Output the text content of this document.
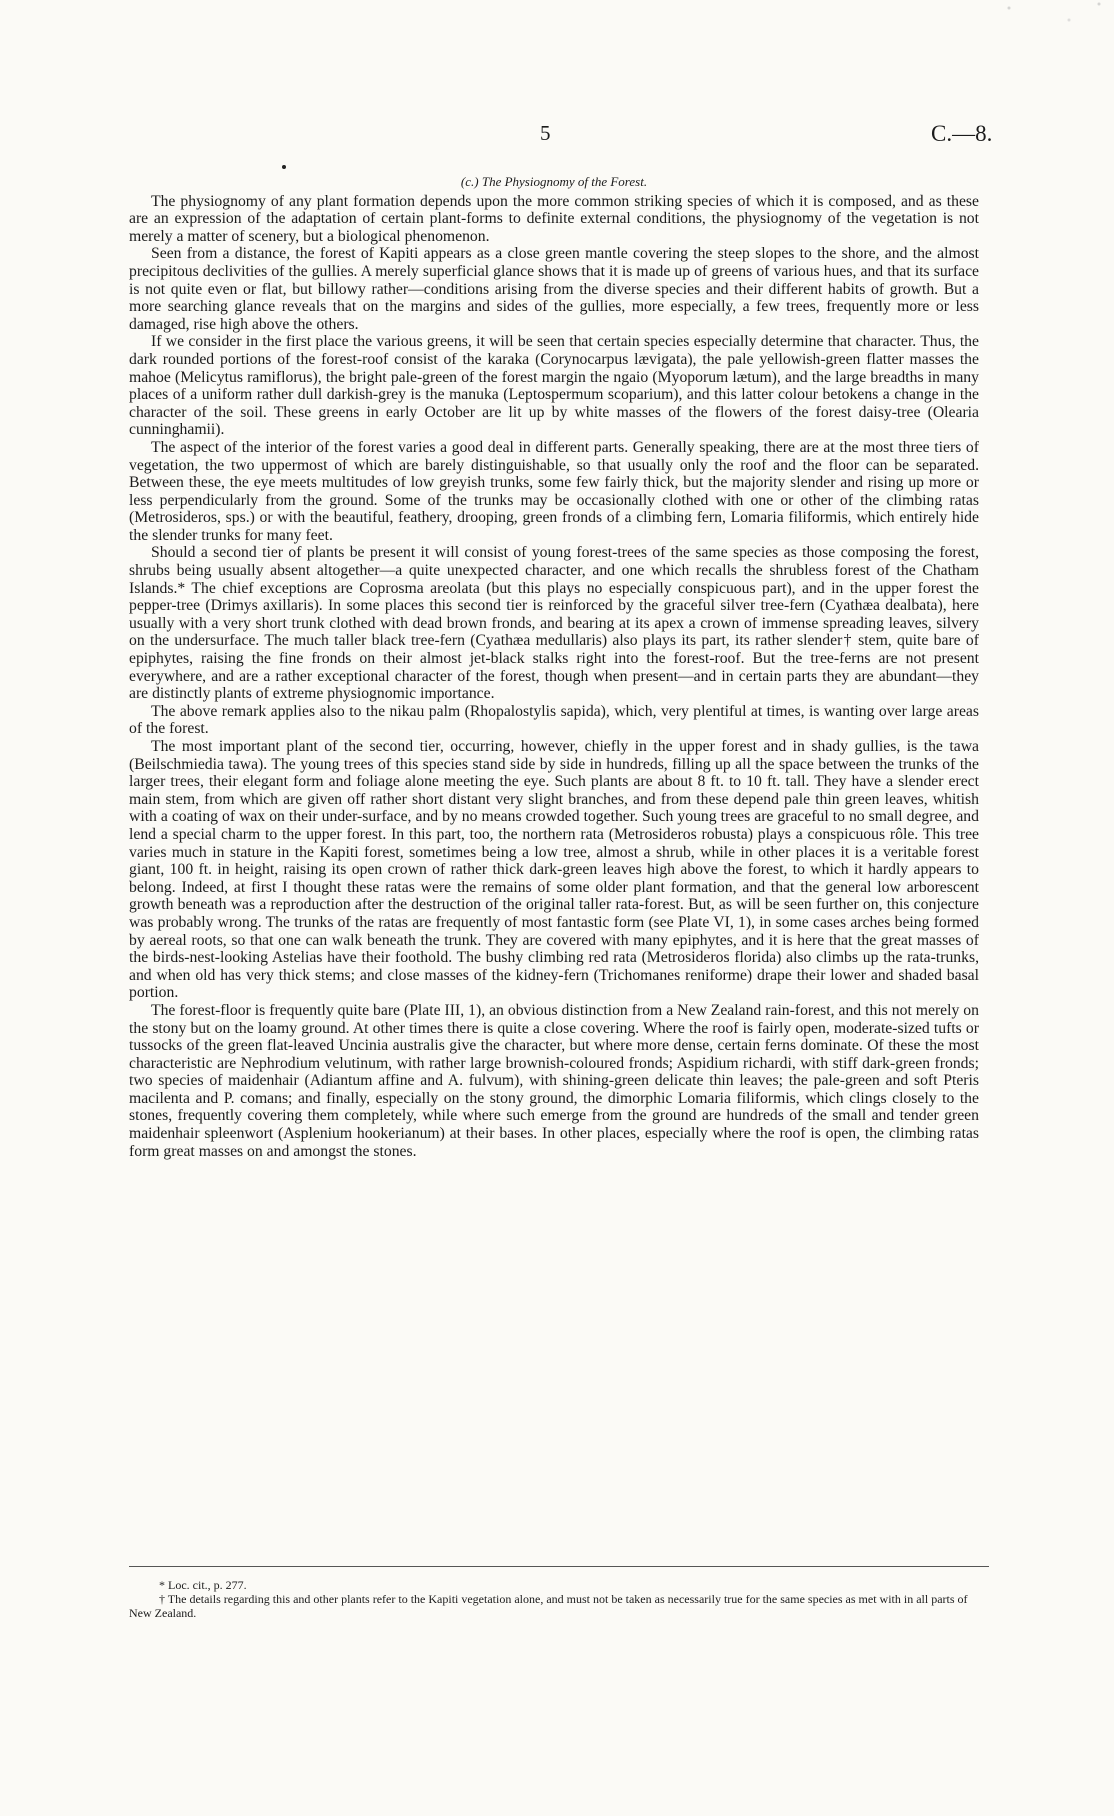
5	C.—8.
(c.) The Physiognomy of the Forest.

The physiognomy of any plant formation depends upon the more common striking species of which it is composed, and as these are an expression of the adaptation of certain plant-forms to definite external conditions, the physiognomy of the vegetation is not merely a matter of scenery, but a biological phenomenon.

Seen from a distance, the forest of Kapiti appears as a close green mantle covering the steep slopes to the shore, and the almost precipitous declivities of the gullies. A merely superficial glance shows that it is made up of greens of various hues, and that its surface is not quite even or flat, but billowy rather—conditions arising from the diverse species and their different habits of growth. But a more searching glance reveals that on the margins and sides of the gullies, more especially, a few trees, frequently more or less damaged, rise high above the others.

If we consider in the first place the various greens, it will be seen that certain species especially determine that character. Thus, the dark rounded portions of the forest-roof consist of the karaka (Corynocarpus lævigata), the pale yellowish-green flatter masses the mahoe (Melicytus ramiflorus), the bright pale-green of the forest margin the ngaio (Myoporum lætum), and the large breadths in many places of a uniform rather dull darkish-grey is the manuka (Leptospermum scoparium), and this latter colour betokens a change in the character of the soil. These greens in early October are lit up by white masses of the flowers of the forest daisy-tree (Olearia cunninghamii).

The aspect of the interior of the forest varies a good deal in different parts. Generally speaking, there are at the most three tiers of vegetation, the two uppermost of which are barely distinguishable, so that usually only the roof and the floor can be separated. Between these, the eye meets multitudes of low greyish trunks, some few fairly thick, but the majority slender and rising up more or less perpendicularly from the ground. Some of the trunks may be occasionally clothed with one or other of the climbing ratas (Metrosideros, sps.) or with the beautiful, feathery, drooping, green fronds of a climbing fern, Lomaria filiformis, which entirely hide the slender trunks for many feet.

Should a second tier of plants be present it will consist of young forest-trees of the same species as those composing the forest, shrubs being usually absent altogether—a quite unexpected character, and one which recalls the shrubless forest of the Chatham Islands.* The chief exceptions are Coprosma areolata (but this plays no especially conspicuous part), and in the upper forest the pepper-tree (Drimys axillaris). In some places this second tier is reinforced by the graceful silver tree-fern (Cyathæa dealbata), here usually with a very short trunk clothed with dead brown fronds, and bearing at its apex a crown of immense spreading leaves, silvery on the undersurface. The much taller black tree-fern (Cyathæa medullaris) also plays its part, its rather slender† stem, quite bare of epiphytes, raising the fine fronds on their almost jet-black stalks right into the forest-roof. But the tree-ferns are not present everywhere, and are a rather exceptional character of the forest, though when present—and in certain parts they are abundant—they are distinctly plants of extreme physiognomic importance.

The above remark applies also to the nikau palm (Rhopalostylis sapida), which, very plentiful at times, is wanting over large areas of the forest.

The most important plant of the second tier, occurring, however, chiefly in the upper forest and in shady gullies, is the tawa (Beilschmiedia tawa). The young trees of this species stand side by side in hundreds, filling up all the space between the trunks of the larger trees, their elegant form and foliage alone meeting the eye. Such plants are about 8 ft. to 10 ft. tall. They have a slender erect main stem, from which are given off rather short distant very slight branches, and from these depend pale thin green leaves, whitish with a coating of wax on their under-surface, and by no means crowded together. Such young trees are graceful to no small degree, and lend a special charm to the upper forest. In this part, too, the northern rata (Metrosideros robusta) plays a conspicuous rôle. This tree varies much in stature in the Kapiti forest, sometimes being a low tree, almost a shrub, while in other places it is a veritable forest giant, 100 ft. in height, raising its open crown of rather thick dark-green leaves high above the forest, to which it hardly appears to belong. Indeed, at first I thought these ratas were the remains of some older plant formation, and that the general low arborescent growth beneath was a reproduction after the destruction of the original taller rata-forest. But, as will be seen further on, this conjecture was probably wrong. The trunks of the ratas are frequently of most fantastic form (see Plate VI, 1), in some cases arches being formed by aereal roots, so that one can walk beneath the trunk. They are covered with many epiphytes, and it is here that the great masses of the birds-nest-looking Astelias have their foothold. The bushy climbing red rata (Metrosideros florida) also climbs up the rata-trunks, and when old has very thick stems; and close masses of the kidney-fern (Trichomanes reniforme) drape their lower and shaded basal portion.

The forest-floor is frequently quite bare (Plate III, 1), an obvious distinction from a New Zealand rain-forest, and this not merely on the stony but on the loamy ground. At other times there is quite a close covering. Where the roof is fairly open, moderate-sized tufts or tussocks of the green flat-leaved Uncinia australis give the character, but where more dense, certain ferns dominate. Of these the most characteristic are Nephrodium velutinum, with rather large brownish-coloured fronds; Aspidium richardi, with stiff dark-green fronds; two species of maidenhair (Adiantum affine and A. fulvum), with shining-green delicate thin leaves; the pale-green and soft Pteris macilenta and P. comans; and finally, especially on the stony ground, the dimorphic Lomaria filiformis, which clings closely to the stones, frequently covering them completely, while where such emerge from the ground are hundreds of the small and tender green maidenhair spleenwort (Asplenium hookerianum) at their bases. In other places, especially where the roof is open, the climbing ratas form great masses on and amongst the stones.

* Loc. cit., p. 277.
† The details regarding this and other plants refer to the Kapiti vegetation alone, and must not be taken as necessarily true for the same species as met with in all parts of New Zealand.
